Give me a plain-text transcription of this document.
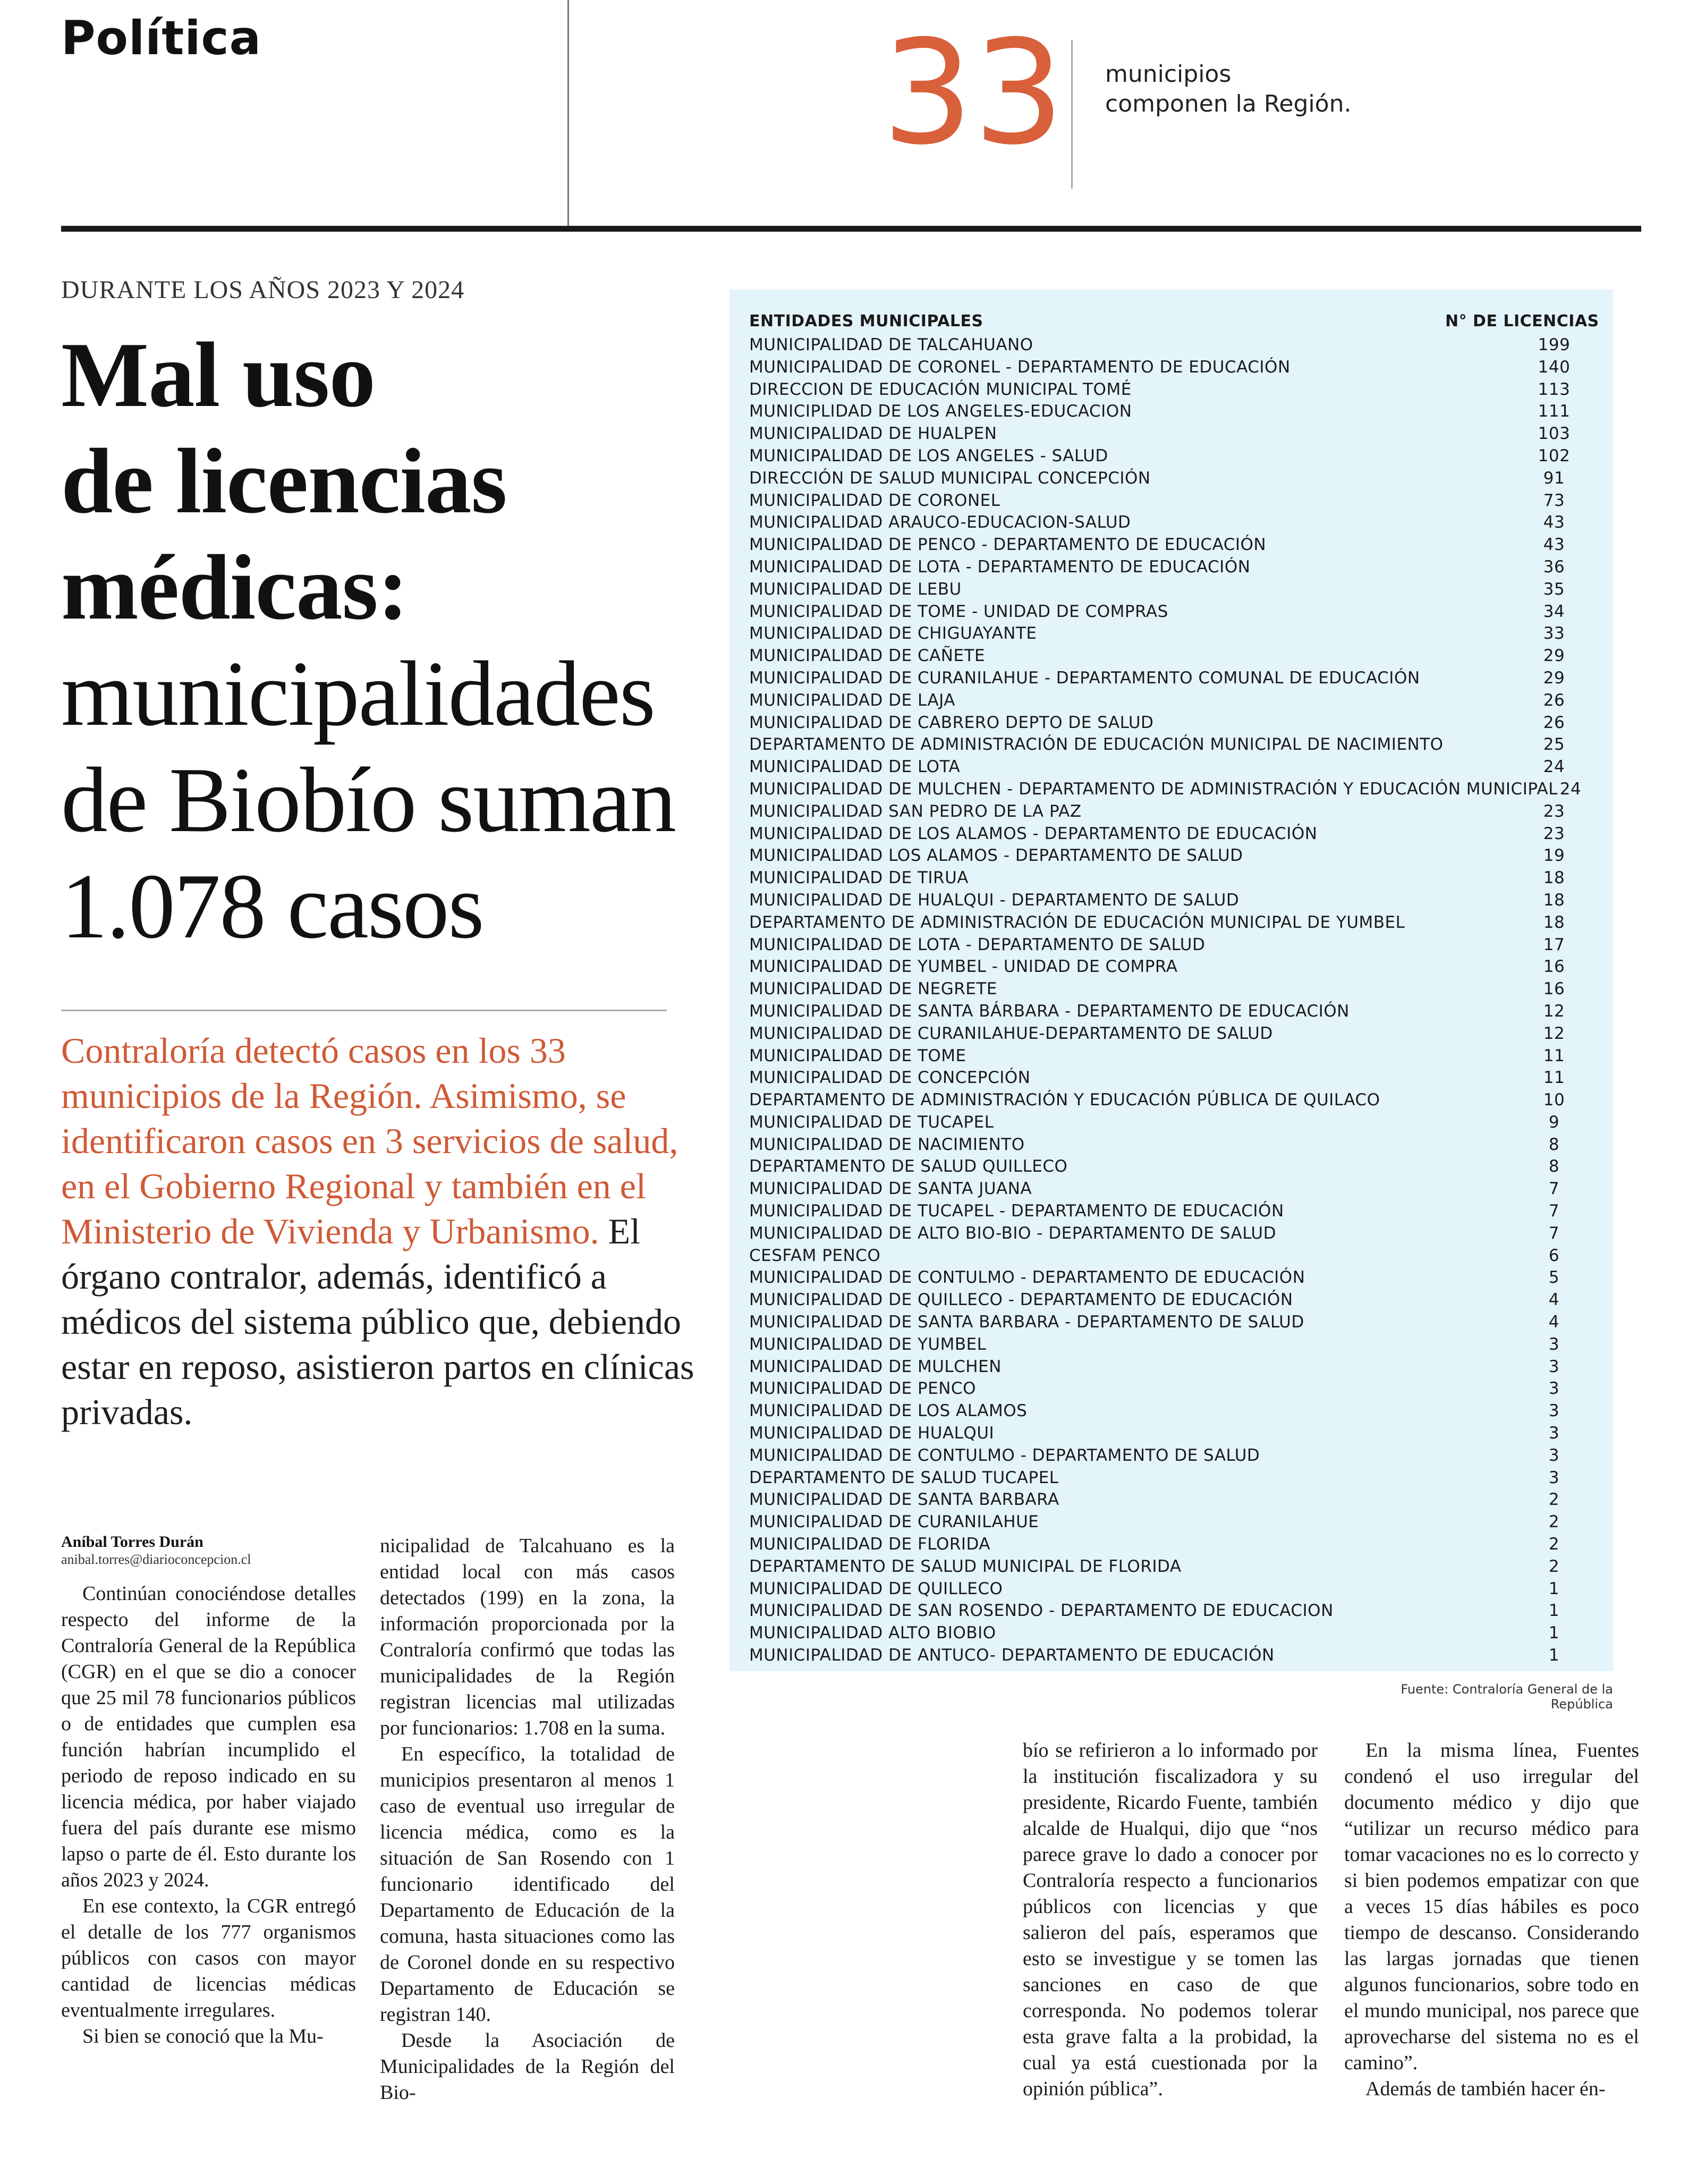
Política	33 municipios
componen la Región.
DURANTE LOS AÑOS 2023 Y 2024
Mal uso
de licencias
médicas:
municipalidades
de Biobío suman
1.078 casos

Contraloría detectó casos en los 33 municipios de la Región. Asimismo, se identificaron casos en 3 servicios de salud, en el Gobierno Regional y también en el Ministerio de Vivienda y Urbanismo. El órgano contralor, además, identificó a médicos del sistema público que, debiendo estar en reposo, asistieron partos en clínicas privadas.

Aníbal Torres Durán
anibal.torres@diarioconcepcion.cl

Continúan conociéndose detalles respecto del informe de la Contraloría General de la República (CGR) en el que se dio a conocer que 25 mil 78 funcionarios públicos o de entidades que cumplen esa función habrían incumplido el periodo de reposo indicado en su licencia médica, por haber viajado fuera del país durante ese mismo lapso o parte de él. Esto durante los años 2023 y 2024.

En ese contexto, la CGR entregó el detalle de los 777 organismos públicos con casos con mayor cantidad de licencias médicas eventualmente irregulares.

Si bien se conoció que la Mu-

nicipalidad de Talcahuano es la entidad local con más casos detectados (199) en la zona, la información proporcionada por la Contraloría confirmó que todas las municipalidades de la Región registran licencias mal utilizadas por funcionarios: 1.708 en la suma.

En específico, la totalidad de municipios presentaron al menos 1 caso de eventual uso irregular de licencia médica, como es la situación de San Rosendo con 1 funcionario identificado del Departamento de Educación de la comuna, hasta situaciones como las de Coronel donde en su respectivo Departamento de Educación se registran 140.

Desde la Asociación de Municipalidades de la Región del Bio-

bío se refirieron a lo informado por la institución fiscalizadora y su presidente, Ricardo Fuente, también alcalde de Hualqui, dijo que “nos parece grave lo dado a conocer por Contraloría respecto a funcionarios públicos con licencias y que salieron del país, esperamos que esto se investigue y se tomen las sanciones en caso de que corresponda. No podemos tolerar esta grave falta a la probidad, la cual ya está cuestionada por la opinión pública”.

En la misma línea, Fuentes condenó el uso irregular del documento médico y dijo que “utilizar un recurso médico para tomar vacaciones no es lo correcto y si bien podemos empatizar con que a veces 15 días hábiles es poco tiempo de descanso. Considerando las largas jornadas que tienen algunos funcionarios, sobre todo en el mundo municipal, nos parece que aprovecharse del sistema no es el camino”.

Además de también hacer én-

ENTIDADES MUNICIPALES	N° DE LICENCIAS
MUNICIPALIDAD DE TALCAHUANO	199
MUNICIPALIDAD DE CORONEL - DEPARTAMENTO DE EDUCACIÓN	140
DIRECCION DE EDUCACIÓN MUNICIPAL TOMÉ	113
MUNICIPLIDAD DE LOS ANGELES-EDUCACION	111
MUNICIPALIDAD DE HUALPEN	103
MUNICIPALIDAD DE LOS ANGELES - SALUD	102
DIRECCIÓN DE SALUD MUNICIPAL CONCEPCIÓN	91
MUNICIPALIDAD DE CORONEL	73
MUNICIPALIDAD ARAUCO-EDUCACION-SALUD	43
MUNICIPALIDAD DE PENCO - DEPARTAMENTO DE EDUCACIÓN	43
MUNICIPALIDAD DE LOTA - DEPARTAMENTO DE EDUCACIÓN	36
MUNICIPALIDAD DE LEBU	35
MUNICIPALIDAD DE TOME - UNIDAD DE COMPRAS	34
MUNICIPALIDAD DE CHIGUAYANTE	33
MUNICIPALIDAD DE CAÑETE	29
MUNICIPALIDAD DE CURANILAHUE - DEPARTAMENTO COMUNAL DE EDUCACIÓN	29
MUNICIPALIDAD DE LAJA	26
MUNICIPALIDAD DE CABRERO DEPTO DE SALUD	26
DEPARTAMENTO DE ADMINISTRACIÓN DE EDUCACIÓN MUNICIPAL DE NACIMIENTO	25
MUNICIPALIDAD DE LOTA	24
MUNICIPALIDAD DE MULCHEN - DEPARTAMENTO DE ADMINISTRACIÓN Y EDUCACIÓN MUNICIPAL 24
MUNICIPALIDAD SAN PEDRO DE LA PAZ	23
MUNICIPALIDAD DE LOS ALAMOS - DEPARTAMENTO DE EDUCACIÓN	23
MUNICIPALIDAD LOS ALAMOS - DEPARTAMENTO DE SALUD	19
MUNICIPALIDAD DE TIRUA	18
MUNICIPALIDAD DE HUALQUI - DEPARTAMENTO DE SALUD	18
DEPARTAMENTO DE ADMINISTRACIÓN DE EDUCACIÓN MUNICIPAL DE YUMBEL	18
MUNICIPALIDAD DE LOTA - DEPARTAMENTO DE SALUD	17
MUNICIPALIDAD DE YUMBEL - UNIDAD DE COMPRA	16
MUNICIPALIDAD DE NEGRETE	16
MUNICIPALIDAD DE SANTA BÁRBARA - DEPARTAMENTO DE EDUCACIÓN	12
MUNICIPALIDAD DE CURANILAHUE-DEPARTAMENTO DE SALUD	12
MUNICIPALIDAD DE TOME	11
MUNICIPALIDAD DE CONCEPCIÓN	11
DEPARTAMENTO DE ADMINISTRACIÓN Y EDUCACIÓN PÚBLICA DE QUILACO	10
MUNICIPALIDAD DE TUCAPEL	9
MUNICIPALIDAD DE NACIMIENTO	8
DEPARTAMENTO DE SALUD QUILLECO	8
MUNICIPALIDAD DE SANTA JUANA	7
MUNICIPALIDAD DE TUCAPEL - DEPARTAMENTO DE EDUCACIÓN	7
MUNICIPALIDAD DE ALTO BIO-BIO - DEPARTAMENTO DE SALUD	7
CESFAM PENCO	6
MUNICIPALIDAD DE CONTULMO - DEPARTAMENTO DE EDUCACIÓN	5
MUNICIPALIDAD DE QUILLECO - DEPARTAMENTO DE EDUCACIÓN	4
MUNICIPALIDAD DE SANTA BARBARA - DEPARTAMENTO DE SALUD	4
MUNICIPALIDAD DE YUMBEL	3
MUNICIPALIDAD DE MULCHEN	3
MUNICIPALIDAD DE PENCO	3
MUNICIPALIDAD DE LOS ALAMOS	3
MUNICIPALIDAD DE HUALQUI	3
MUNICIPALIDAD DE CONTULMO - DEPARTAMENTO DE SALUD	3
DEPARTAMENTO DE SALUD TUCAPEL	3
MUNICIPALIDAD DE SANTA BARBARA	2
MUNICIPALIDAD DE CURANILAHUE	2
MUNICIPALIDAD DE FLORIDA	2
DEPARTAMENTO DE SALUD MUNICIPAL DE FLORIDA	2
MUNICIPALIDAD DE QUILLECO	1
MUNICIPALIDAD DE SAN ROSENDO - DEPARTAMENTO DE EDUCACION	1
MUNICIPALIDAD ALTO BIOBIO	1
MUNICIPALIDAD DE ANTUCO- DEPARTAMENTO DE EDUCACIÓN	1
Fuente: Contraloría General de la República
